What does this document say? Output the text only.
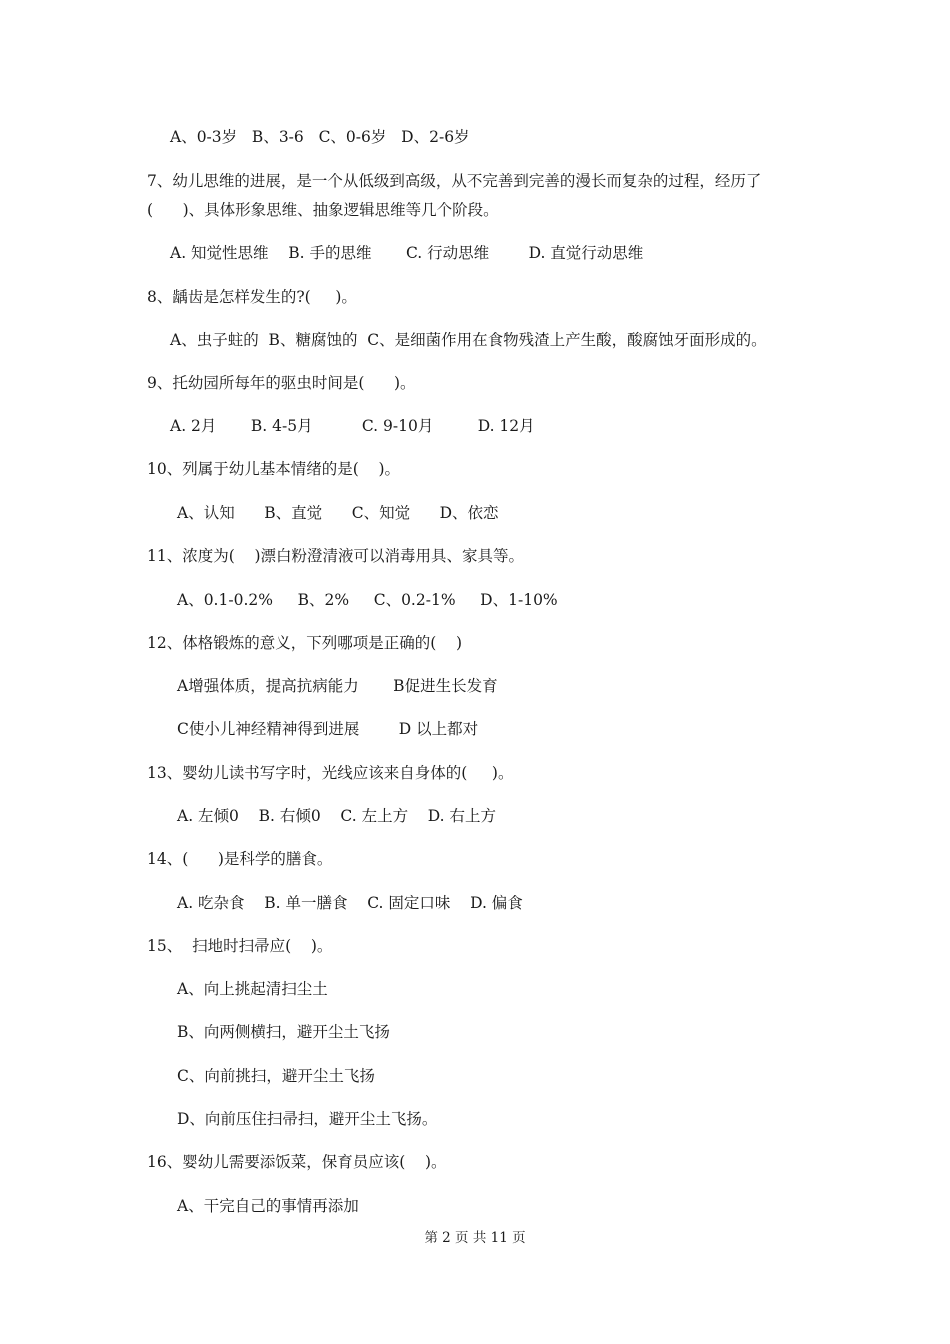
A、0-3岁   B、3-6   C、0-6岁   D、2-6岁
7、幼儿思维的进展，是一个从低级到高级，从不完善到完善的漫长而复杂的过程，经历了
(      )、具体形象思维、抽象逻辑思维等几个阶段。
A. 知觉性思维    B. 手的思维       C. 行动思维        D. 直觉行动思维
8、龋齿是怎样发生的?(     )。
A、虫子蛀的  B、糖腐蚀的  C、是细菌作用在食物残渣上产生酸，酸腐蚀牙面形成的。
9、托幼园所每年的驱虫时间是(      )。
A. 2月       B. 4-5月          C. 9-10月         D. 12月
10、列属于幼儿基本情绪的是(    )。
A、认知      B、直觉      C、知觉      D、依恋
11、浓度为(    )漂白粉澄清液可以消毒用具、家具等。
A、0.1-0.2%     B、2%     C、0.2-1%     D、1-10%
12、体格锻炼的意义，下列哪项是正确的(    )
A增强体质，提高抗病能力       B促进生长发育
C使小儿神经精神得到进展        D 以上都对
13、婴幼儿读书写字时，光线应该来自身体的(     )。
A. 左倾0    B. 右倾0    C. 左上方    D. 右上方
14、(      )是科学的膳食。
A. 吃杂食    B. 单一膳食    C. 固定口味    D. 偏食
15、  扫地时扫帚应(    )。
A、向上挑起清扫尘土
B、向两侧横扫，避开尘土飞扬
C、向前挑扫，避开尘土飞扬
D、向前压住扫帚扫，避开尘土飞扬。
16、婴幼儿需要添饭菜，保育员应该(    )。
A、干完自己的事情再添加
第 2 页 共 11 页
